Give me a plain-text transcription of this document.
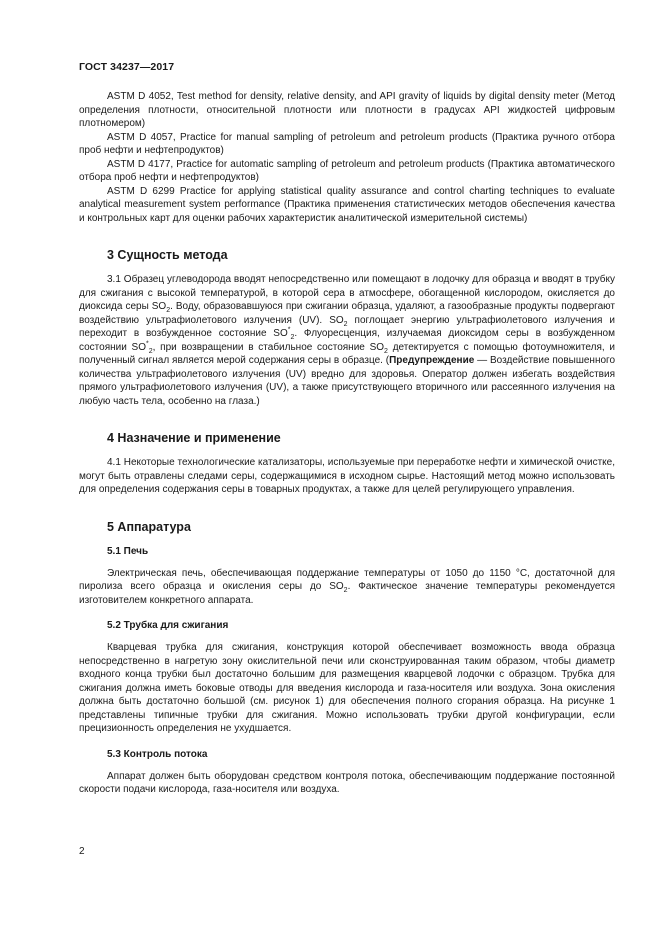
ГОСТ 34237—2017

ASTM D 4052, Test method for density, relative density, and API gravity of liquids by digital density meter (Метод определения плотности, относительной плотности или плотности в градусах API жидкостей цифровым плотномером)

ASTM D 4057, Practice for manual sampling of petroleum and petroleum products (Практика ручного отбора проб нефти и нефтепродуктов)

ASTM D 4177, Practice for automatic sampling of petroleum and petroleum products (Практика автоматического отбора проб нефти и нефтепродуктов)

ASTM D 6299 Practice for applying statistical quality assurance and control charting techniques to evaluate analytical measurement system performance (Практика применения статистических методов обеспечения качества и контрольных карт для оценки рабочих характеристик аналитической измерительной системы)

3 Сущность метода

3.1 Образец углеводорода вводят непосредственно или помещают в лодочку для образца и вводят в трубку для сжигания с высокой температурой, в которой сера в атмосфере, обогащенной кислородом, окисляется до диоксида серы $SO_2$. Воду, образовавшуюся при сжигании образца, удаляют, а газообразные продукты подвергают воздействию ультрафиолетового излучения (UV). $SO_2$ поглощает энергию ультрафиолетового излучения и переходит в возбужденное состояние $SO^*_2$. Флуоресценция, излучаемая диоксидом серы в возбужденном состоянии $SO^*_2$, при возвращении в стабильное состояние $SO_2$ детектируется с помощью фотоумножителя, и полученный сигнал является мерой содержания серы в образце. (Предупреждение — Воздействие повышенного количества ультрафиолетового излучения (UV) вредно для здоровья. Оператор должен избегать воздействия прямого ультрафиолетового излучения (UV), а также присутствующего вторичного или рассеянного излучения на любую часть тела, особенно на глаза.)

4 Назначение и применение

4.1 Некоторые технологические катализаторы, используемые при переработке нефти и химической очистке, могут быть отравлены следами серы, содержащимися в исходном сырье. Настоящий метод можно использовать для определения содержания серы в товарных продуктах, а также для целей регулирующего управления.

5 Аппаратура
5.1 Печь

Электрическая печь, обеспечивающая поддержание температуры от 1050 до 1150 °С, достаточной для пиролиза всего образца и окисления серы до $SO_2$. Фактическое значение температуры рекомендуется изготовителем конкретного аппарата.

5.2 Трубка для сжигания

Кварцевая трубка для сжигания, конструкция которой обеспечивает возможность ввода образца непосредственно в нагретую зону окислительной печи или сконструированная таким образом, чтобы диаметр входного конца трубки был достаточно большим для размещения кварцевой лодочки с образцом. Трубка для сжигания должна иметь боковые отводы для введения кислорода и газа-носителя или воздуха. Зона окисления должна быть достаточно большой (см. рисунок 1) для обеспечения полного сгорания образца. На рисунке 1 представлены типичные трубки для сжигания. Можно использовать трубки другой конфигурации, если прецизионность определения не ухудшается.

5.3 Контроль потока

Аппарат должен быть оборудован средством контроля потока, обеспечивающим поддержание постоянной скорости подачи кислорода, газа-носителя или воздуха.

2
